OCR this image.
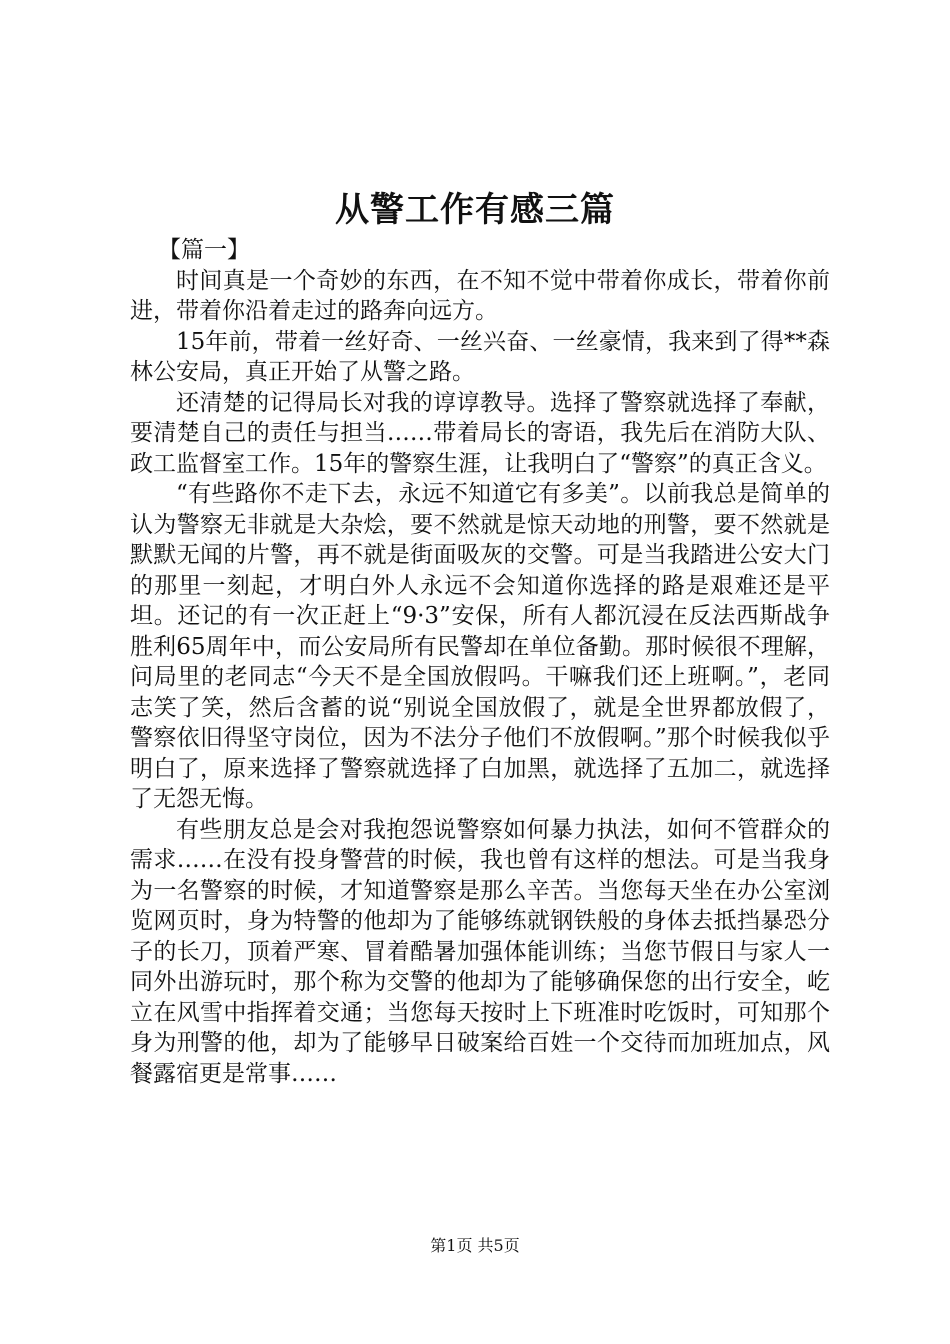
从警工作有感三篇

【篇一】

时间真是一个奇妙的东西，在不知不觉中带着你成长，带着你前进，带着你沿着走过的路奔向远方。

15年前，带着一丝好奇、一丝兴奋、一丝豪情，我来到了得**森林公安局，真正开始了从警之路。

还清楚的记得局长对我的谆谆教导。选择了警察就选择了奉献，要清楚自己的责任与担当……带着局长的寄语，我先后在消防大队、政工监督室工作。15年的警察生涯，让我明白了“警察”的真正含义。

“有些路你不走下去，永远不知道它有多美”。以前我总是简单的认为警察无非就是大杂烩，要不然就是惊天动地的刑警，要不然就是默默无闻的片警，再不就是街面吸灰的交警。可是当我踏进公安大门的那里一刻起，才明白外人永远不会知道你选择的路是艰难还是平坦。还记的有一次正赶上“9·3”安保，所有人都沉浸在反法西斯战争胜利65周年中，而公安局所有民警却在单位备勤。那时候很不理解，问局里的老同志“今天不是全国放假吗。干嘛我们还上班啊。”，老同志笑了笑，然后含蓄的说“别说全国放假了，就是全世界都放假了，警察依旧得坚守岗位，因为不法分子他们不放假啊。”那个时候我似乎明白了，原来选择了警察就选择了白加黑，就选择了五加二，就选择了无怨无悔。

有些朋友总是会对我抱怨说警察如何暴力执法，如何不管群众的需求……在没有投身警营的时候，我也曾有这样的想法。可是当我身为一名警察的时候，才知道警察是那么辛苦。当您每天坐在办公室浏览网页时，身为特警的他却为了能够练就钢铁般的身体去抵挡暴恐分子的长刀，顶着严寒、冒着酷暑加强体能训练；当您节假日与家人一同外出游玩时，那个称为交警的他却为了能够确保您的出行安全，屹立在风雪中指挥着交通；当您每天按时上下班准时吃饭时，可知那个身为刑警的他，却为了能够早日破案给百姓一个交待而加班加点，风餐露宿更是常事……

第1页 共5页
